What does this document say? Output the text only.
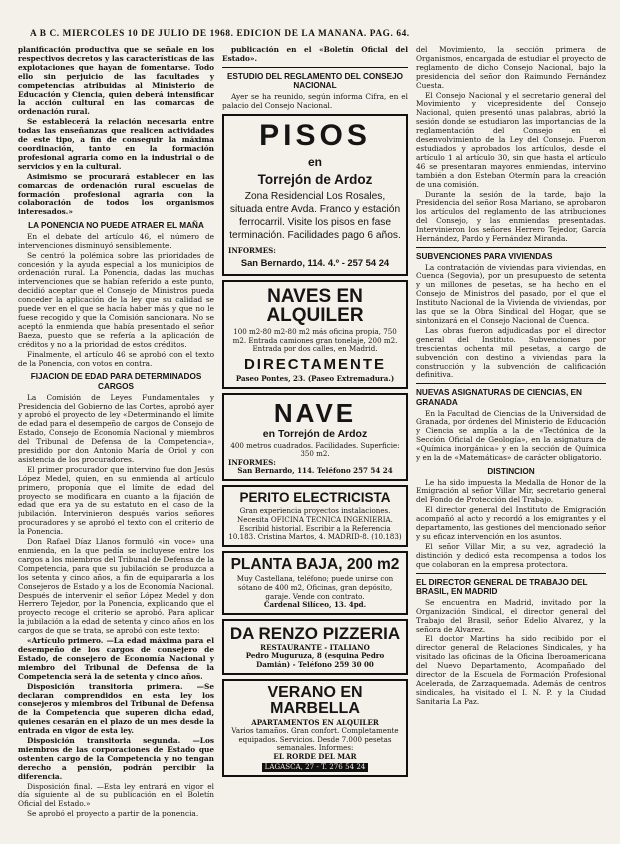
A B C. MIERCOLES 10 DE JULIO DE 1968. EDICION DE LA MAÑANA. PAG. 64.

planificación productiva que se señale en los respectivos decretos y las características de las explotaciones que hayan de fomentarse. Todo ello sin perjuicio de las facultades y competencias atribuidas al Ministerio de Educación y Ciencia, quien deberá intensificar la acción cultural en las comarcas de ordenación rural.

Se establecerá la relación necesaria entre todas las enseñanzas que realicen actividades de este tipo, a fin de conseguir la máxima coordinación, tanto en la formación profesional agraria como en la industrial o de servicios y en la cultural.

Asimismo se procurará establecer en las comarcas de ordenación rural escuelas de formación profesional agraria con la colaboración de todos los organismos interesados.»

LA PONENCIA NO PUEDE ATRAER EL MAÑA

En el debate del artículo 46, el número de intervenciones disminuyó sensiblemente.

Se centró la polémica sobre las prioridades de concesión y la ayuda especial a los municipios de ordenación rural. La Ponencia, dadas las muchas intervenciones que se habían referido a este punto, decidió aceptar que el Consejo de Ministros pueda conceder la aplicación de la ley que su calidad se puede ver en el que se hacía haber más y que no le fuese recogido y que la Comisión sancionara. No se aceptó la enmienda que había presentado el señor Baeza, puesto que se refería a la aplicación de créditos y no a la prioridad de estos créditos.

Finalmente, el artículo 46 se aprobó con el texto de la Ponencia, con votos en contra.

FIJACION DE EDAD PARA DETERMINADOS CARGOS

La Comisión de Leyes Fundamentales y Presidencia del Gobierno de las Cortes, aprobó ayer y aprobó el proyecto de ley «Determinando el límite de edad para el desempeño de cargos de Consejo de Estado, Consejo de Economía Nacional y miembros del Tribunal de Defensa de la Competencia», presidido por don Antonio María de Oriol y con asistencia de los procuradores.

El primer procurador que intervino fue don Jesús López Medel, quien, en su enmienda al artículo primero, proponía que el límite de edad del proyecto se modificara en cuanto a la fijación de edad que era ya de su estatuto en el caso de la jubilación. Intervinieron después varios señores procuradores y se aprobó el texto con el criterio de la Ponencia.

Don Rafael Díaz Llanos formuló «in voce» una enmienda, en la que pedía se incluyese entre los cargos a los miembros del Tribunal de Defensa de la Competencia, para que su jubilación se produzca a los setenta y cinco años, a fin de equipararla a los Consejeros de Estado y a los de Economía Nacional. Después de intervenir el señor López Medel y don Herrero Tejedor, por la Ponencia, explicando que el proyecto recoge el criterio se aprobó. Para aplicar la jubilación a la edad de setenta y cinco años en los cargos de que se trata, se aprobó con este texto:

«Artículo primero. —La edad máxima para el desempeño de los cargos de consejero de Estado, de consejero de Economía Nacional y miembro del Tribunal de Defensa de la Competencia será la de setenta y cinco años.

Disposición transitoria primera. —Se declaran comprendidos en esta ley los consejeros y miembros del Tribunal de Defensa de la Competencia que superen dicha edad, quienes cesarán en el plazo de un mes desde la entrada en vigor de esta ley.

Disposición transitoria segunda. —Los miembros de las corporaciones de Estado que ostenten cargo de la Competencia y no tengan derecho a pensión, podrán percibir la diferencia.

Disposición final. —Esta ley entrará en vigor el día siguiente al de su publicación en el Boletín Oficial del Estado.»

Se aprobó el proyecto a partir de la ponencia.

publicación en el «Boletín Oficial del Estado».

ESTUDIO DEL REGLAMENTO DEL CONSEJO NACIONAL

Ayer se ha reunido, según informa Cifra, en el palacio del Consejo Nacional.

PISOS
en
Torrejón de Ardoz
Zona Residencial Los Rosales, situada entre Avda. Franco y estación ferrocarril. Visite los pisos en fase terminación. Facilidades pago 6 años.
INFORMES:
San Bernardo, 114. 4.º - 257 54 24
NAVES EN ALQUILER
100 m2-80 m2-80 m2 más oficina propia, 750 m2. Entrada camiones gran tonelaje, 200 m2. Entrada por dos calles, en Madrid.
DIRECTAMENTE
Paseo Pontes, 23. (Paseo Extremadura.)
NAVE
en Torrejón de Ardoz
400 metros cuadrados. Facilidades. Superficie: 350 m2.
INFORMES:
San Bernardo, 114. Teléfono 257 54 24
PERITO ELECTRICISTA
Gran experiencia proyectos instalaciones. Necesita OFICINA TECNICA INGENIERIA. Escribid historial. Escribir a la Referencia 10.183. Cristina Martos, 4. MADRID-8. (10.183)
PLANTA BAJA, 200 m2
Muy Castellana, teléfono; puede unirse con sótano de 400 m2, Oficinas, gran depósito, garaje. Vende con contrato.
Cardenal Silíceo, 13. 4pd.
DA RENZO PIZZERIA
RESTAURANTE - ITALIANO
Pedro Muguruza, 8 (esquina Pedro Damián) - Teléfono 259 30 00
VERANO EN MARBELLA
APARTAMENTOS EN ALQUILER
Varios tamaños. Gran confort. Completamente equipados. Servicios. Desde 7.000 pesetas semanales. Informes:
EL RORDE DEL MAR
LAGASCA, 27 - T. 276 54 24

del Movimiento, la sección primera de Organismos, encargada de estudiar el proyecto de reglamento de dicho Consejo Nacional, bajo la presidencia del señor don Raimundo Fernández Cuesta.

El Consejo Nacional y el secretario general del Movimiento y vicepresidente del Consejo Nacional, quien presentó unas palabras, abrió la sesión donde se estudiaron las importancias de la reglamentación del Consejo en el desenvolvimiento de la Ley del Consejo. Fueron estudiados y aprobados los artículos, desde el artículo 1 al artículo 30, sin que hasta el artículo 46 se presentaran mayores enmiendas, intervino también a don Esteban Otermín para la creación de una comisión.

Durante la sesión de la tarde, bajo la Presidencia del señor Rosa Mariano, se aprobaron los artículos del reglamento de las atribuciones del Consejo, y las enmiendas presentadas. Intervinieron los señores Herrero Tejedor, García Hernández, Pardo y Fernández Miranda.

SUBVENCIONES PARA VIVIENDAS

La contratación de viviendas para viviendas, en Cuenca (Segovia), por un presupuesto de setenta y un millones de pesetas, se ha hecho en el Consejo de Ministros del pasado, por el que el Instituto Nacional de la Vivienda de viviendas, por las que se la Obra Sindical del Hogar, que se sintonizará en el Consejo Nacional de Cuenca.

Las obras fueron adjudicadas por el director general del Instituto. Subvenciones por trescientas ochenta mil pesetas, a cargo de subvención con destino a viviendas para la construcción y la subvención de calificación definitiva.

NUEVAS ASIGNATURAS DE CIENCIAS, EN GRANADA

En la Facultad de Ciencias de la Universidad de Granada, por órdenes del Ministerio de Educación y Ciencia se amplía a la de «Tectónica de la Sección Oficial de Geología», en la asignatura de «Química inorgánica» y en la sección de Química y en la de «Matemáticas» de carácter obligatorio.

DISTINCION

Le ha sido impuesta la Medalla de Honor de la Emigración al señor Villar Mir, secretario general del Fondo de Protección del Trabajo.

El director general del Instituto de Emigración acompañó al acto y recordó a los emigrantes y el departamento, las gestiones del mencionado señor y su eficaz intervención en los asuntos.

El señor Villar Mir, a su vez, agradeció la distinción y dedicó esta recompensa a todos los que colaboran en la empresa protectora.

EL DIRECTOR GENERAL DE TRABAJO DEL BRASIL, EN MADRID

Se encuentra en Madrid, invitado por la Organización Sindical, el director general del Trabajo del Brasil, señor Edelio Alvarez, y la señora de Alvarez.

El doctor Martins ha sido recibido por el director general de Relaciones Sindicales, y ha visitado las oficinas de la Oficina Iberoamericana del Nuevo Departamento, Acompañado del director de la Escuela de Formación Profesional Acelerada, de Zarzaquemada. Además de centros sindicales, ha visitado el I. N. P. y la Ciudad Sanitaria La Paz.
